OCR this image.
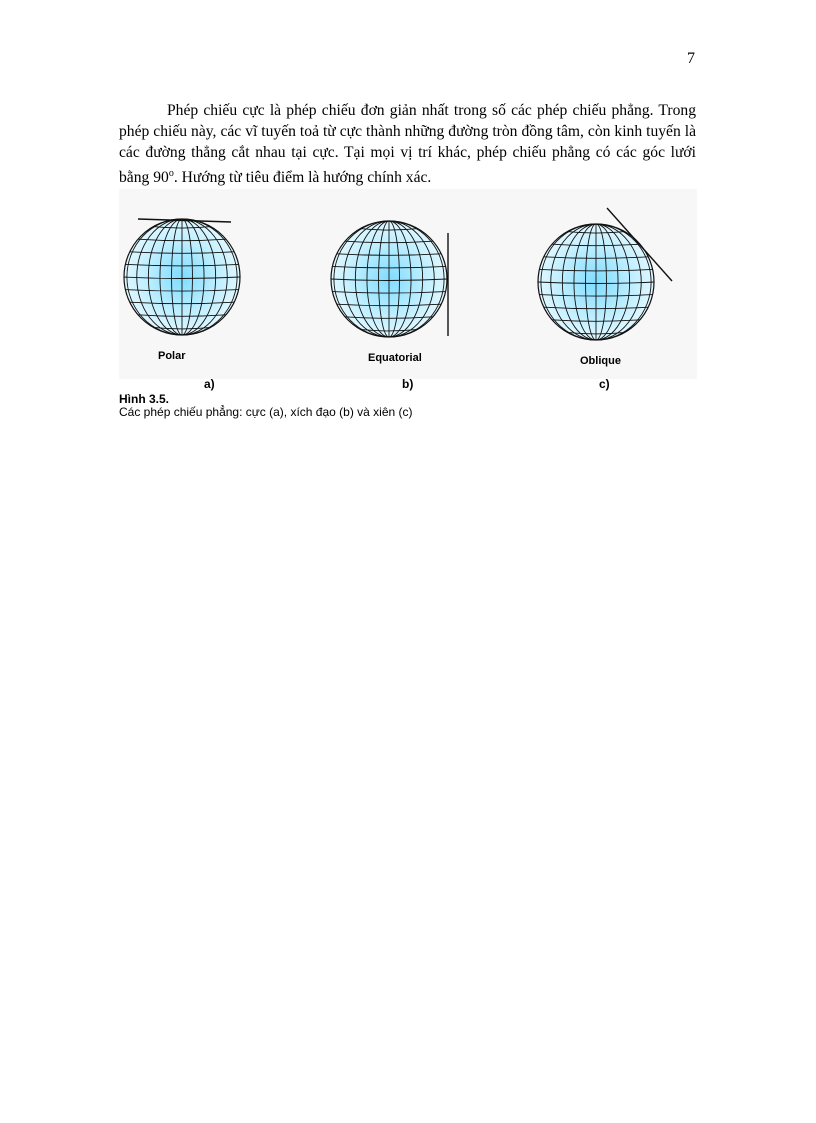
7

Phép chiếu cực là phép chiếu đơn giản nhất trong số các phép chiếu phẳng. Trong phép chiếu này, các vĩ tuyến toả từ cực thành những đường tròn đồng tâm, còn kinh tuyến là các đường thẳng cắt nhau tại cực. Tại mọi vị trí khác, phép chiếu phẳng có các góc lưới bằng 90$^o$. Hướng từ tiêu điểm là hướng chính xác.

Polar	Equatorial	Oblique
a)	b)	c)
Hình 3.5.
Các phép chiếu phẳng: cực (a), xích đạo (b) và xiên (c)
